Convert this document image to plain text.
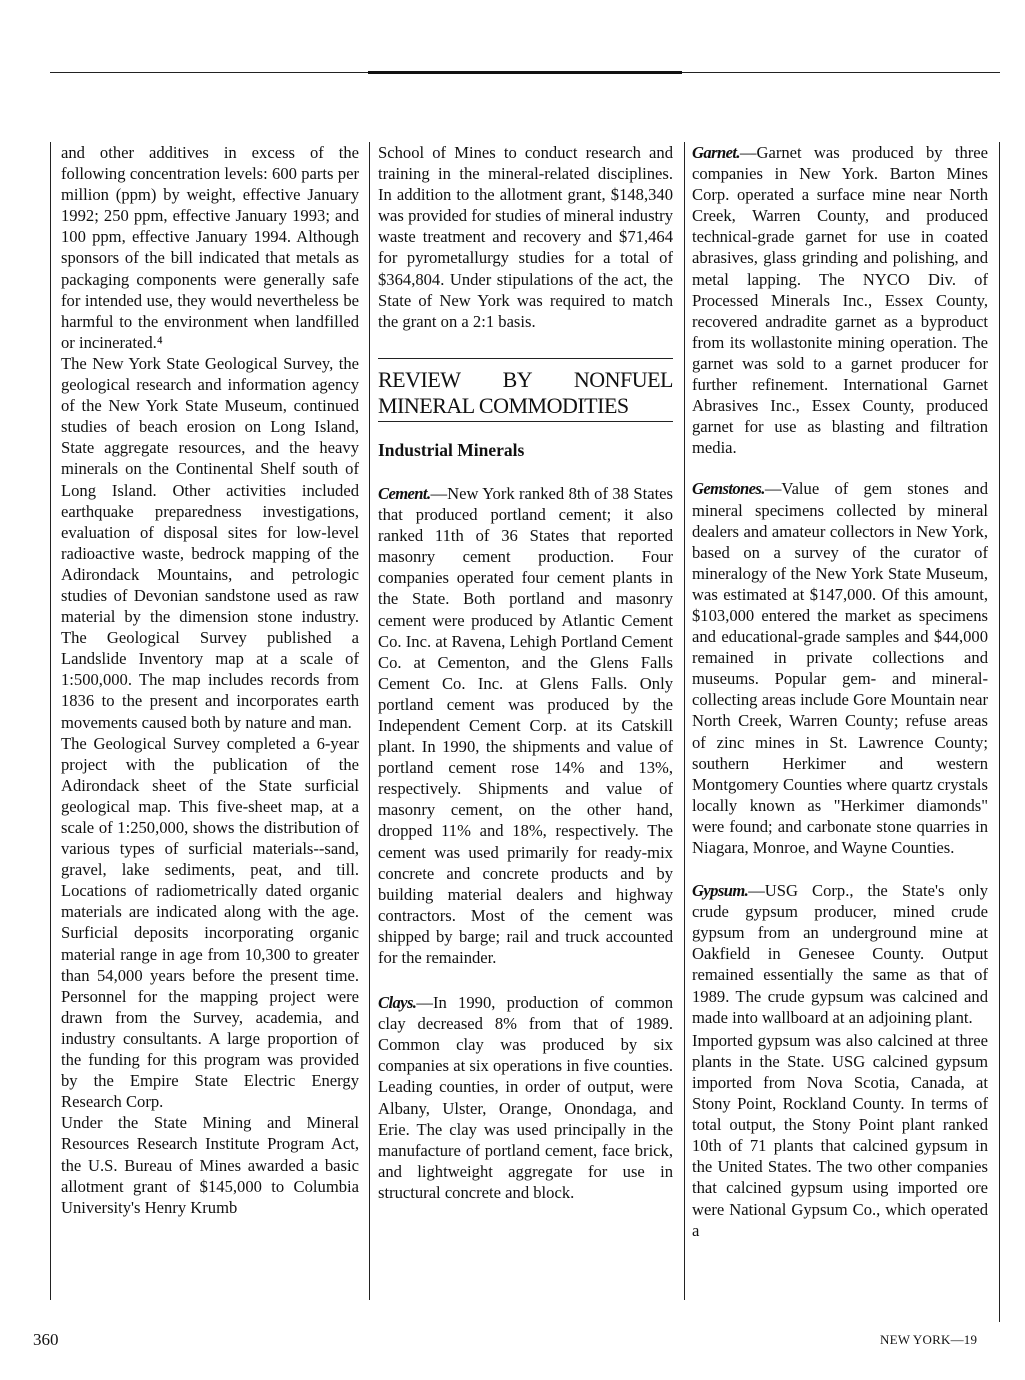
and other additives in excess of the following concentration levels: 600 parts per million (ppm) by weight, effective January 1992; 250 ppm, effective January 1993; and 100 ppm, effective January 1994. Although sponsors of the bill indicated that metals as packaging components were generally safe for intended use, they would nevertheless be harmful to the environment when landfilled or incinerated.⁴

The New York State Geological Survey, the geological research and information agency of the New York State Museum, continued studies of beach erosion on Long Island, State aggregate resources, and the heavy minerals on the Continental Shelf south of Long Island. Other activities included earthquake preparedness investigations, evaluation of disposal sites for low-level radioactive waste, bedrock mapping of the Adirondack Mountains, and petrologic studies of Devonian sandstone used as raw material by the dimension stone industry. The Geological Survey published a Landslide Inventory map at a scale of 1:500,000. The map includes records from 1836 to the present and incorporates earth movements caused both by nature and man.

The Geological Survey completed a 6-year project with the publication of the Adirondack sheet of the State surficial geological map. This five-sheet map, at a scale of 1:250,000, shows the distribution of various types of surficial materials--sand, gravel, lake sediments, peat, and till. Locations of radiometrically dated organic materials are indicated along with the age. Surficial deposits incorporating organic material range in age from 10,300 to greater than 54,000 years before the present time. Personnel for the mapping project were drawn from the Survey, academia, and industry consultants. A large proportion of the funding for this program was provided by the Empire State Electric Energy Research Corp.

Under the State Mining and Mineral Resources Research Institute Program Act, the U.S. Bureau of Mines awarded a basic allotment grant of $145,000 to Columbia University's Henry Krumb

School of Mines to conduct research and training in the mineral-related disciplines. In addition to the allotment grant, $148,340 was provided for studies of mineral industry waste treatment and recovery and $71,464 for pyrometallurgy studies for a total of $364,804. Under stipulations of the act, the State of New York was required to match the grant on a 2:1 basis.

REVIEW BY NONFUEL MINERAL COMMODITIES
Industrial Minerals

Cement.—New York ranked 8th of 38 States that produced portland cement; it also ranked 11th of 36 States that reported masonry cement production. Four companies operated four cement plants in the State. Both portland and masonry cement were produced by Atlantic Cement Co. Inc. at Ravena, Lehigh Portland Cement Co. at Cementon, and the Glens Falls Cement Co. Inc. at Glens Falls. Only portland cement was produced by the Independent Cement Corp. at its Catskill plant. In 1990, the shipments and value of portland cement rose 14% and 13%, respectively. Shipments and value of masonry cement, on the other hand, dropped 11% and 18%, respectively. The cement was used primarily for ready-mix concrete and concrete products and by building material dealers and highway contractors. Most of the cement was shipped by barge; rail and truck accounted for the remainder.

Clays.—In 1990, production of common clay decreased 8% from that of 1989. Common clay was produced by six companies at six operations in five counties. Leading counties, in order of output, were Albany, Ulster, Orange, Onondaga, and Erie. The clay was used principally in the manufacture of portland cement, face brick, and lightweight aggregate for use in structural concrete and block.

Garnet.—Garnet was produced by three companies in New York. Barton Mines Corp. operated a surface mine near North Creek, Warren County, and produced technical-grade garnet for use in coated abrasives, glass grinding and polishing, and metal lapping. The NYCO Div. of Processed Minerals Inc., Essex County, recovered andradite garnet as a byproduct from its wollastonite mining operation. The garnet was sold to a garnet producer for further refinement. International Garnet Abrasives Inc., Essex County, produced garnet for use as blasting and filtration media.

Gemstones.—Value of gem stones and mineral specimens collected by mineral dealers and amateur collectors in New York, based on a survey of the curator of mineralogy of the New York State Museum, was estimated at $147,000. Of this amount, $103,000 entered the market as specimens and educational-grade samples and $44,000 remained in private collections and museums. Popular gem- and mineral-collecting areas include Gore Mountain near North Creek, Warren County; refuse areas of zinc mines in St. Lawrence County; southern Herkimer and western Montgomery Counties where quartz crystals locally known as "Herkimer diamonds" were found; and carbonate stone quarries in Niagara, Monroe, and Wayne Counties.

Gypsum.—USG Corp., the State's only crude gypsum producer, mined crude gypsum from an underground mine at Oakfield in Genesee County. Output remained essentially the same as that of 1989. The crude gypsum was calcined and made into wallboard at an adjoining plant.

Imported gypsum was also calcined at three plants in the State. USG calcined gypsum imported from Nova Scotia, Canada, at Stony Point, Rockland County. In terms of total output, the Stony Point plant ranked 10th of 71 plants that calcined gypsum in the United States. The two other companies that calcined gypsum using imported ore were National Gypsum Co., which operated a

360	NEW YORK—19
